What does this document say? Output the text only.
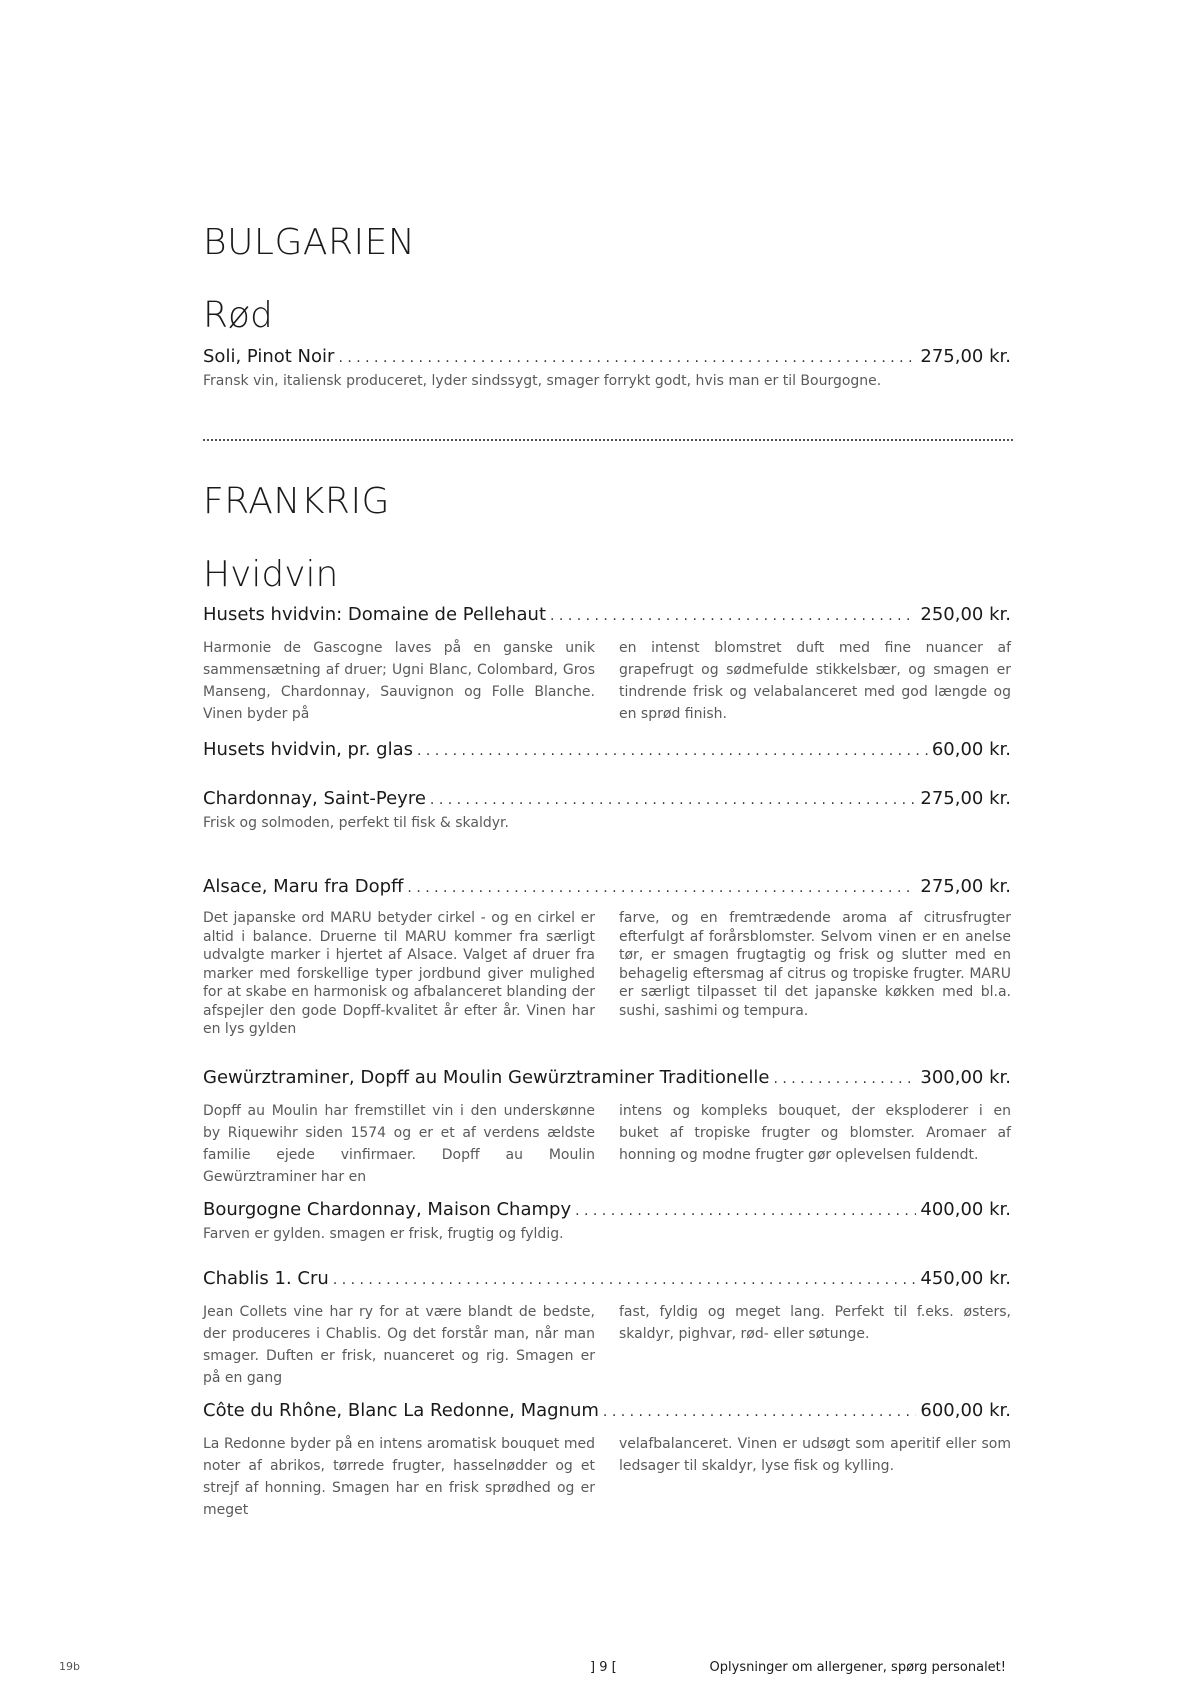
BULGARIEN
Rød
Soli, Pinot Noir . . .	275,00 kr.
Fransk vin, italiensk produceret, lyder sindssygt, smager forrykt godt, hvis man er til Bourgogne.
FRANKRIG
Hvidvin
Husets hvidvin: Domaine de Pellehaut . . .	250,00 kr.
Harmonie de Gascogne laves på en ganske unik sammensætning af druer; Ugni Blanc, Colombard, Gros Manseng, Chardonnay, Sauvignon og Folle Blanche. Vinen byder på
en intenst blomstret duft med fine nuancer af grapefrugt og sødmefulde stikkelsbær, og smagen er tindrende frisk og velabalanceret med god længde og en sprød finish.
Husets hvidvin, pr. glas . . .	60,00 kr.
Chardonnay, Saint-Peyre . . .	275,00 kr.
Frisk og solmoden, perfekt til fisk & skaldyr.
Alsace, Maru fra Dopff . . .	275,00 kr.
Det japanske ord MARU betyder cirkel - og en cirkel er altid i balance. Druerne til MARU kommer fra særligt udvalgte marker i hjertet af Alsace. Valget af druer fra marker med forskellige typer jordbund giver mulighed for at skabe en harmonisk og afbalanceret blanding der afspejler den gode Dopff-kvalitet år efter år. Vinen har en lys gylden
farve, og en fremtrædende aroma af citrusfrugter efterfulgt af forårsblomster. Selvom vinen er en anelse tør, er smagen frugtagtig og frisk og slutter med en behagelig eftersmag af citrus og tropiske frugter. MARU er særligt tilpasset til det japanske køkken med bl.a. sushi, sashimi og tempura.
Gewürztraminer, Dopff au Moulin Gewürztraminer Traditionelle . . .	300,00 kr.
Dopff au Moulin har fremstillet vin i den underskønne by Riquewihr siden 1574 og er et af verdens ældste familie ejede vinfirmaer. Dopff au Moulin Gewürztraminer har en
intens og kompleks bouquet, der eksploderer i en buket af tropiske frugter og blomster. Aromaer af honning og modne frugter gør oplevelsen fuldendt.
Bourgogne Chardonnay, Maison Champy . . .	400,00 kr.
Farven er gylden. smagen er frisk, frugtig og fyldig.
Chablis 1. Cru . . .	450,00 kr.
Jean Collets vine har ry for at være blandt de bedste, der produceres i Chablis. Og det forstår man, når man smager. Duften er frisk, nuanceret og rig. Smagen er på en gang
fast, fyldig og meget lang. Perfekt til f.eks. østers, skaldyr, pighvar, rød- eller søtunge.
Côte du Rhône, Blanc La Redonne, Magnum . . .	600,00 kr.
La Redonne byder på en intens aromatisk bouquet med noter af abrikos, tørrede frugter, hasselnødder og et strejf af honning. Smagen har en frisk sprødhed og er meget
velafbalanceret. Vinen er udsøgt som aperitif eller som ledsager til skaldyr, lyse fisk og kylling.
19b	] 9 [	Oplysninger om allergener, spørg personalet!
